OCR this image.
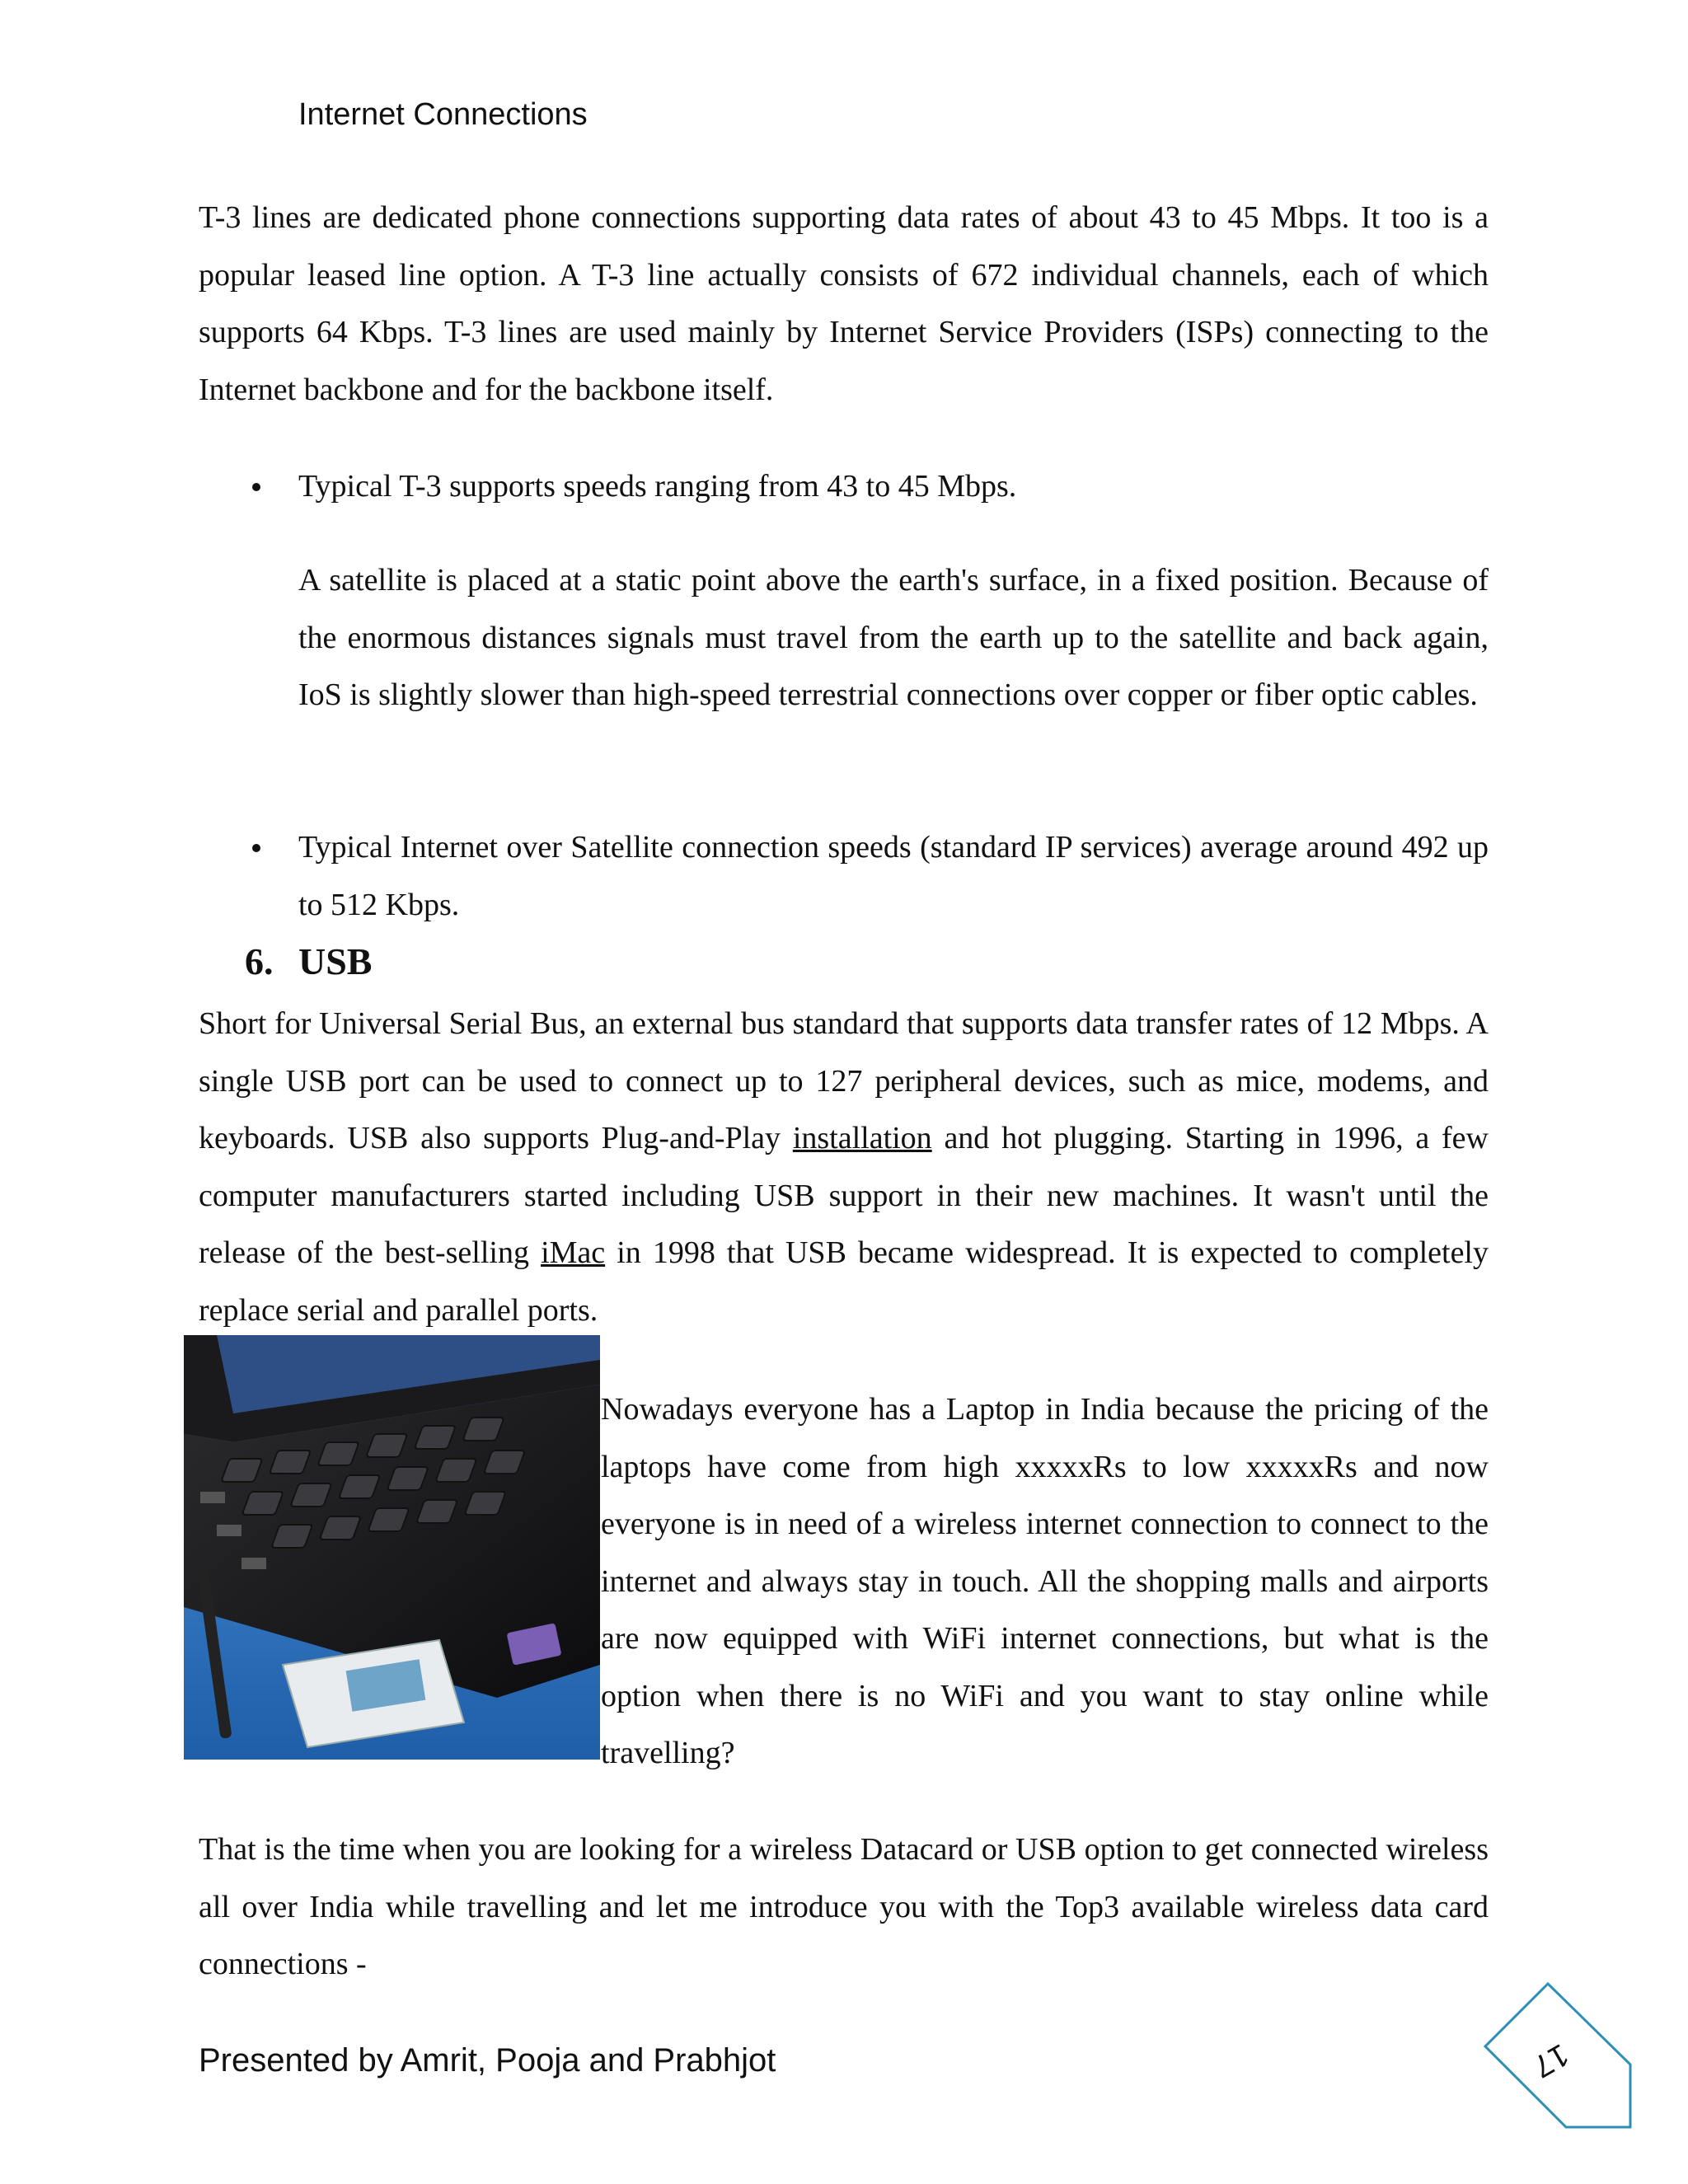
Internet Connections

T-3 lines are dedicated phone connections supporting data rates of about 43 to 45 Mbps. It too is a popular leased line option. A T-3 line actually consists of 672 individual channels, each of which supports 64 Kbps. T-3 lines are used mainly by Internet Service Providers (ISPs) connecting to the Internet backbone and for the backbone itself.

Typical T-3 supports speeds ranging from 43 to 45 Mbps.

A satellite is placed at a static point above the earth's surface, in a fixed position. Because of the enormous distances signals must travel from the earth up to the satellite and back again, IoS is slightly slower than high-speed terrestrial connections over copper or fiber optic cables.

Typical Internet over Satellite connection speeds (standard IP services) average around 492 up to 512 Kbps.

6. USB

Short for Universal Serial Bus, an external bus standard that supports data transfer rates of 12 Mbps. A single USB port can be used to connect up to 127 peripheral devices, such as mice, modems, and keyboards. USB also supports Plug-and-Play installation and hot plugging. Starting in 1996, a few computer manufacturers started including USB support in their new machines. It wasn't until the release of the best-selling iMac in 1998 that USB became widespread. It is expected to completely replace serial and parallel ports.

Nowadays everyone has a Laptop in India because the pricing of the laptops have come from high xxxxxRs to low xxxxxRs and now everyone is in need of a wireless internet connection to connect to the internet and always stay in touch. All the shopping malls and airports are now equipped with WiFi internet connections, but what is the option when there is no WiFi and you want to stay online while travelling?

That is the time when you are looking for a wireless Datacard or USB option to get connected wireless all over India while travelling and let me introduce you with the Top3 available wireless data card connections -

Presented by Amrit, Pooja and Prabhjot	17
